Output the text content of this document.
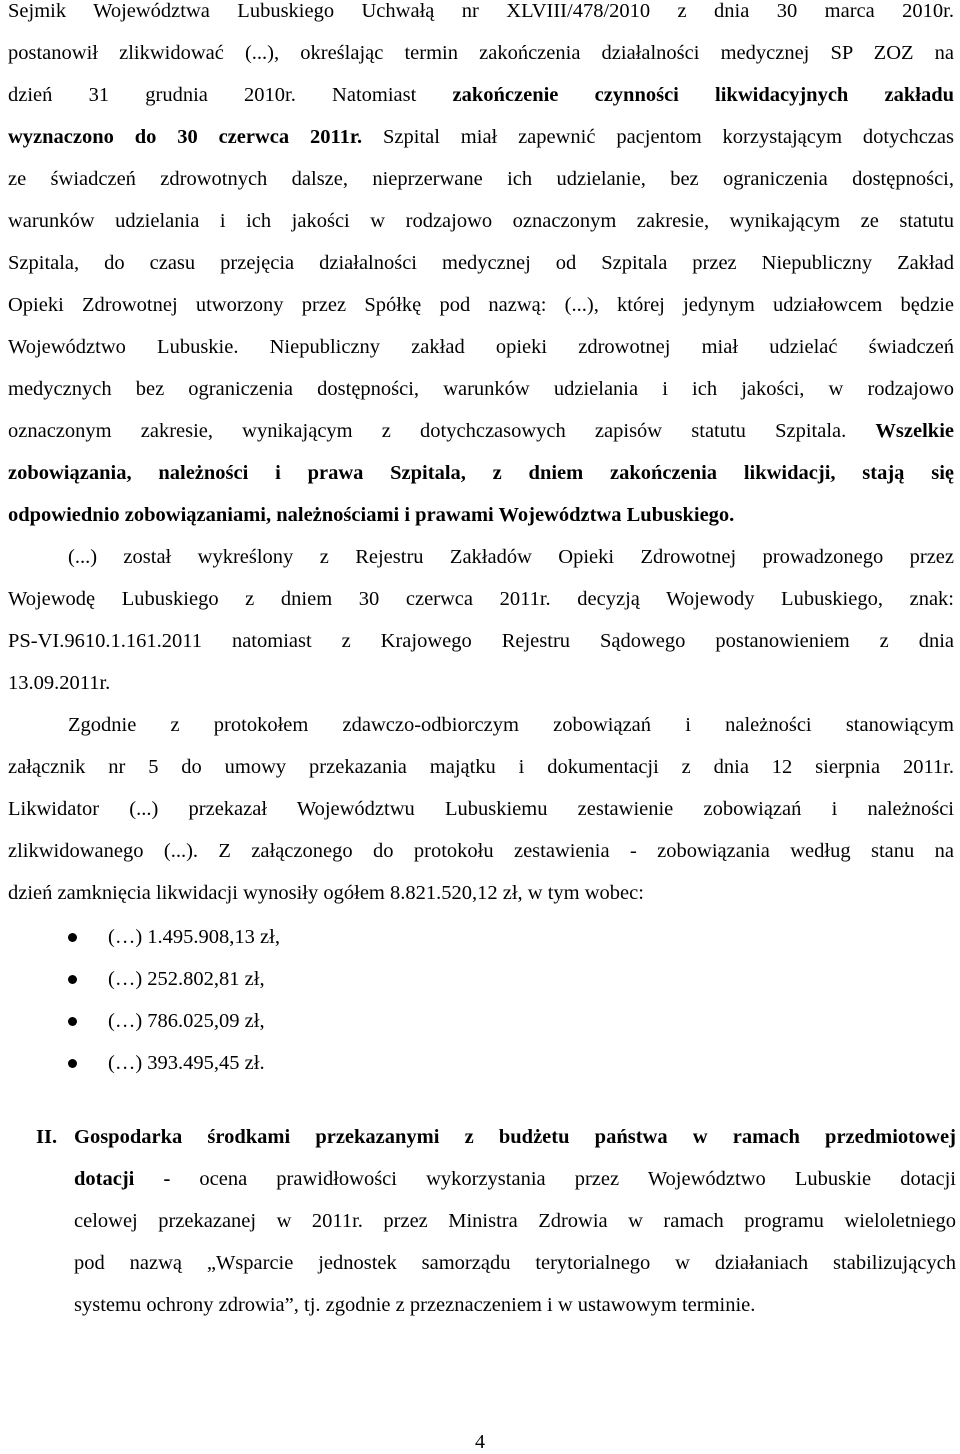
Sejmik Województwa Lubuskiego Uchwałą nr XLVIII/478/2010 z dnia 30 marca 2010r.
postanowił zlikwidować (...), określając termin zakończenia działalności medycznej SP ZOZ na
dzień 31 grudnia 2010r. Natomiast zakończenie czynności likwidacyjnych zakładu
wyznaczono do 30 czerwca 2011r. Szpital miał zapewnić pacjentom korzystającym dotychczas
ze świadczeń zdrowotnych dalsze, nieprzerwane ich udzielanie, bez ograniczenia dostępności,
warunków udzielania i ich jakości w rodzajowo oznaczonym zakresie, wynikającym ze statutu
Szpitala, do czasu przejęcia działalności medycznej od Szpitala przez Niepubliczny Zakład
Opieki Zdrowotnej utworzony przez Spółkę pod nazwą: (...), której jedynym udziałowcem będzie
Województwo Lubuskie. Niepubliczny zakład opieki zdrowotnej miał udzielać świadczeń
medycznych bez ograniczenia dostępności, warunków udzielania i ich jakości, w rodzajowo
oznaczonym zakresie, wynikającym z dotychczasowych zapisów statutu Szpitala. Wszelkie
zobowiązania, należności i prawa Szpitala, z dniem zakończenia likwidacji, stają się
odpowiednio zobowiązaniami, należnościami i prawami Województwa Lubuskiego.
(...) został wykreślony z Rejestru Zakładów Opieki Zdrowotnej prowadzonego przez
Wojewodę Lubuskiego z dniem 30 czerwca 2011r. decyzją Wojewody Lubuskiego, znak:
PS-VI.9610.1.161.2011 natomiast z Krajowego Rejestru Sądowego postanowieniem z dnia
13.09.2011r.
Zgodnie z protokołem zdawczo-odbiorczym zobowiązań i należności stanowiącym
załącznik nr 5 do umowy przekazania majątku i dokumentacji z dnia 12 sierpnia 2011r.
Likwidator (...) przekazał Województwu Lubuskiemu zestawienie zobowiązań i należności
zlikwidowanego (...). Z załączonego do protokołu zestawienia - zobowiązania według stanu na
dzień zamknięcia likwidacji wynosiły ogółem 8.821.520,12 zł, w tym wobec:
(…) 1.495.908,13 zł,
(…) 252.802,81 zł,
(…) 786.025,09 zł,
(…) 393.495,45 zł.
II. Gospodarka środkami przekazanymi z budżetu państwa w ramach przedmiotowej
dotacji - ocena prawidłowości wykorzystania przez Województwo Lubuskie dotacji
celowej przekazanej w 2011r. przez Ministra Zdrowia w ramach programu wieloletniego
pod nazwą „Wsparcie jednostek samorządu terytorialnego w działaniach stabilizujących
systemu ochrony zdrowia”, tj. zgodnie z przeznaczeniem i w ustawowym terminie.
4
